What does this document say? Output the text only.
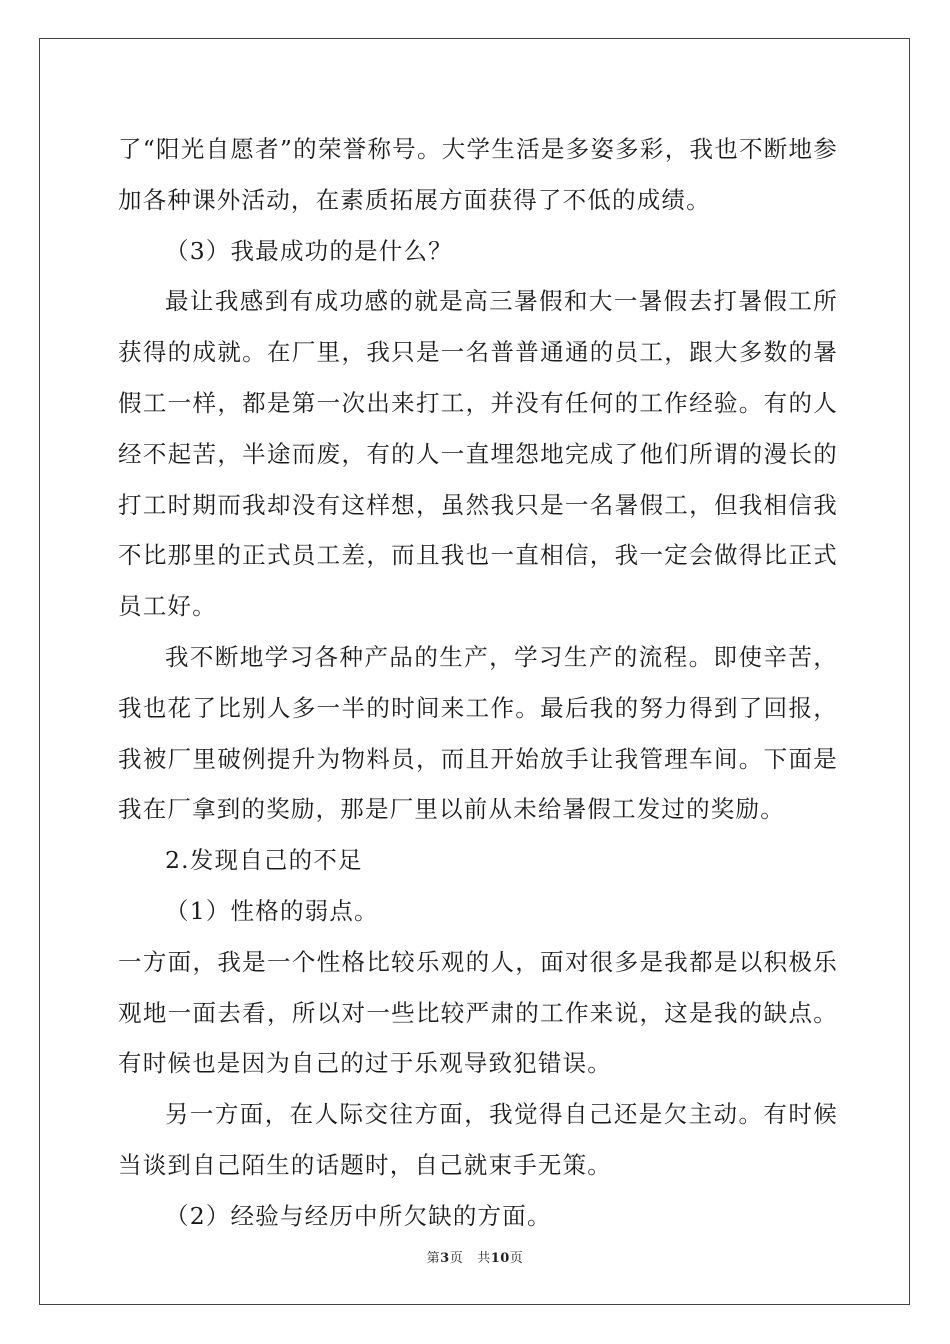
了“阳光自愿者”的荣誉称号。大学生活是多姿多彩，我也不断地参加各种课外活动，在素质拓展方面获得了不低的成绩。

（3）我最成功的是什么？

最让我感到有成功感的就是高三暑假和大一暑假去打暑假工所获得的成就。在厂里，我只是一名普普通通的员工，跟大多数的暑假工一样，都是第一次出来打工，并没有任何的工作经验。有的人经不起苦，半途而废，有的人一直埋怨地完成了他们所谓的漫长的打工时期而我却没有这样想，虽然我只是一名暑假工，但我相信我不比那里的正式员工差，而且我也一直相信，我一定会做得比正式员工好。

我不断地学习各种产品的生产，学习生产的流程。即使辛苦，我也花了比别人多一半的时间来工作。最后我的努力得到了回报，我被厂里破例提升为物料员，而且开始放手让我管理车间。下面是我在厂拿到的奖励，那是厂里以前从未给暑假工发过的奖励。

2.发现自己的不足

（1）性格的弱点。

一方面，我是一个性格比较乐观的人，面对很多是我都是以积极乐观地一面去看，所以对一些比较严肃的工作来说，这是我的缺点。有时候也是因为自己的过于乐观导致犯错误。

另一方面，在人际交往方面，我觉得自己还是欠主动。有时候当谈到自己陌生的话题时，自己就束手无策。

（2）经验与经历中所欠缺的方面。

第3页 共10页
